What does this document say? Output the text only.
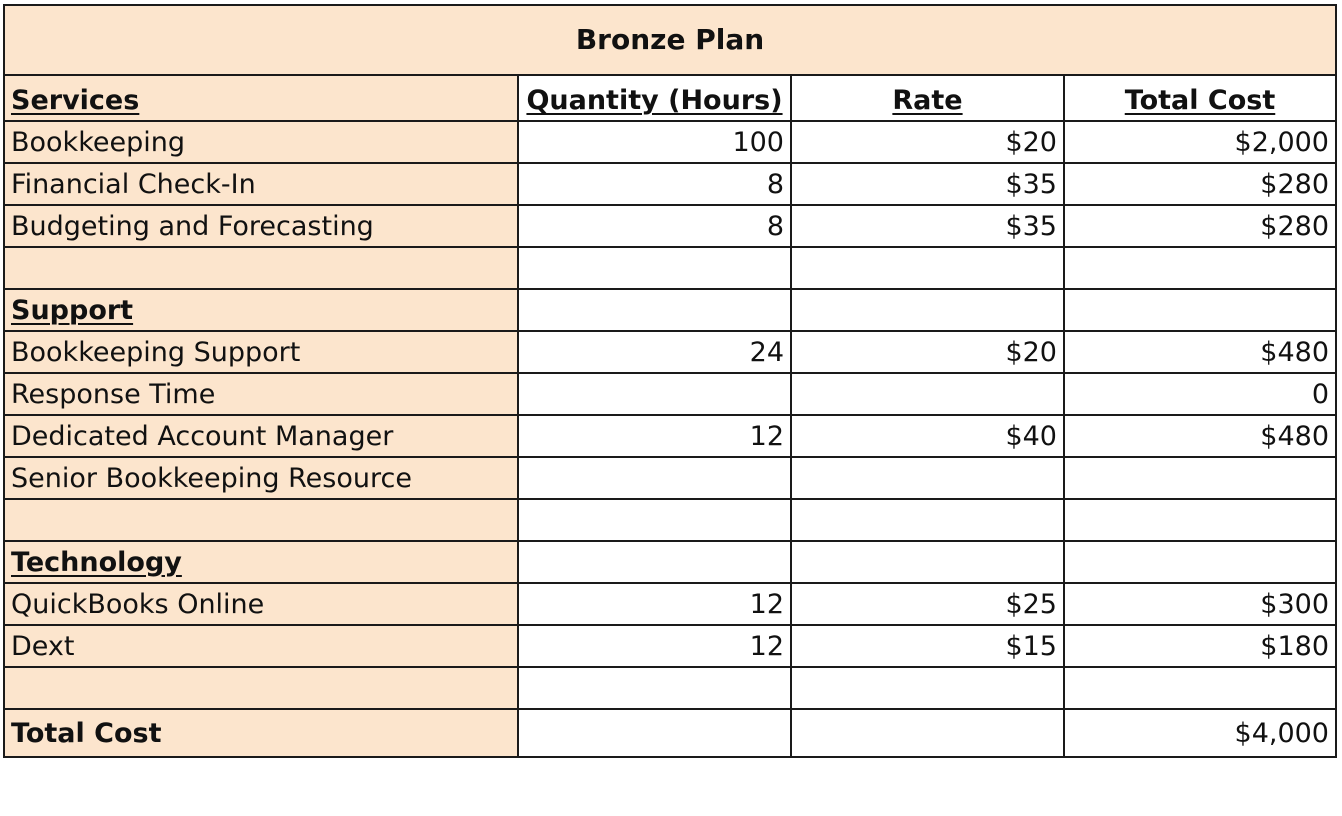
Bronze Plan			
Services	Quantity (Hours)	Rate	Total Cost
Bookkeeping	100	$20	$2,000
Financial Check-In	8	$35	$280
Budgeting and Forecasting	8	$35	$280

Support			
Bookkeeping Support	24	$20	$480
Response Time			0
Dedicated Account Manager	12	$40	$480
Senior Bookkeeping Resource			

Technology			
QuickBooks Online	12	$25	$300
Dext	12	$15	$180

Total Cost			$4,000
